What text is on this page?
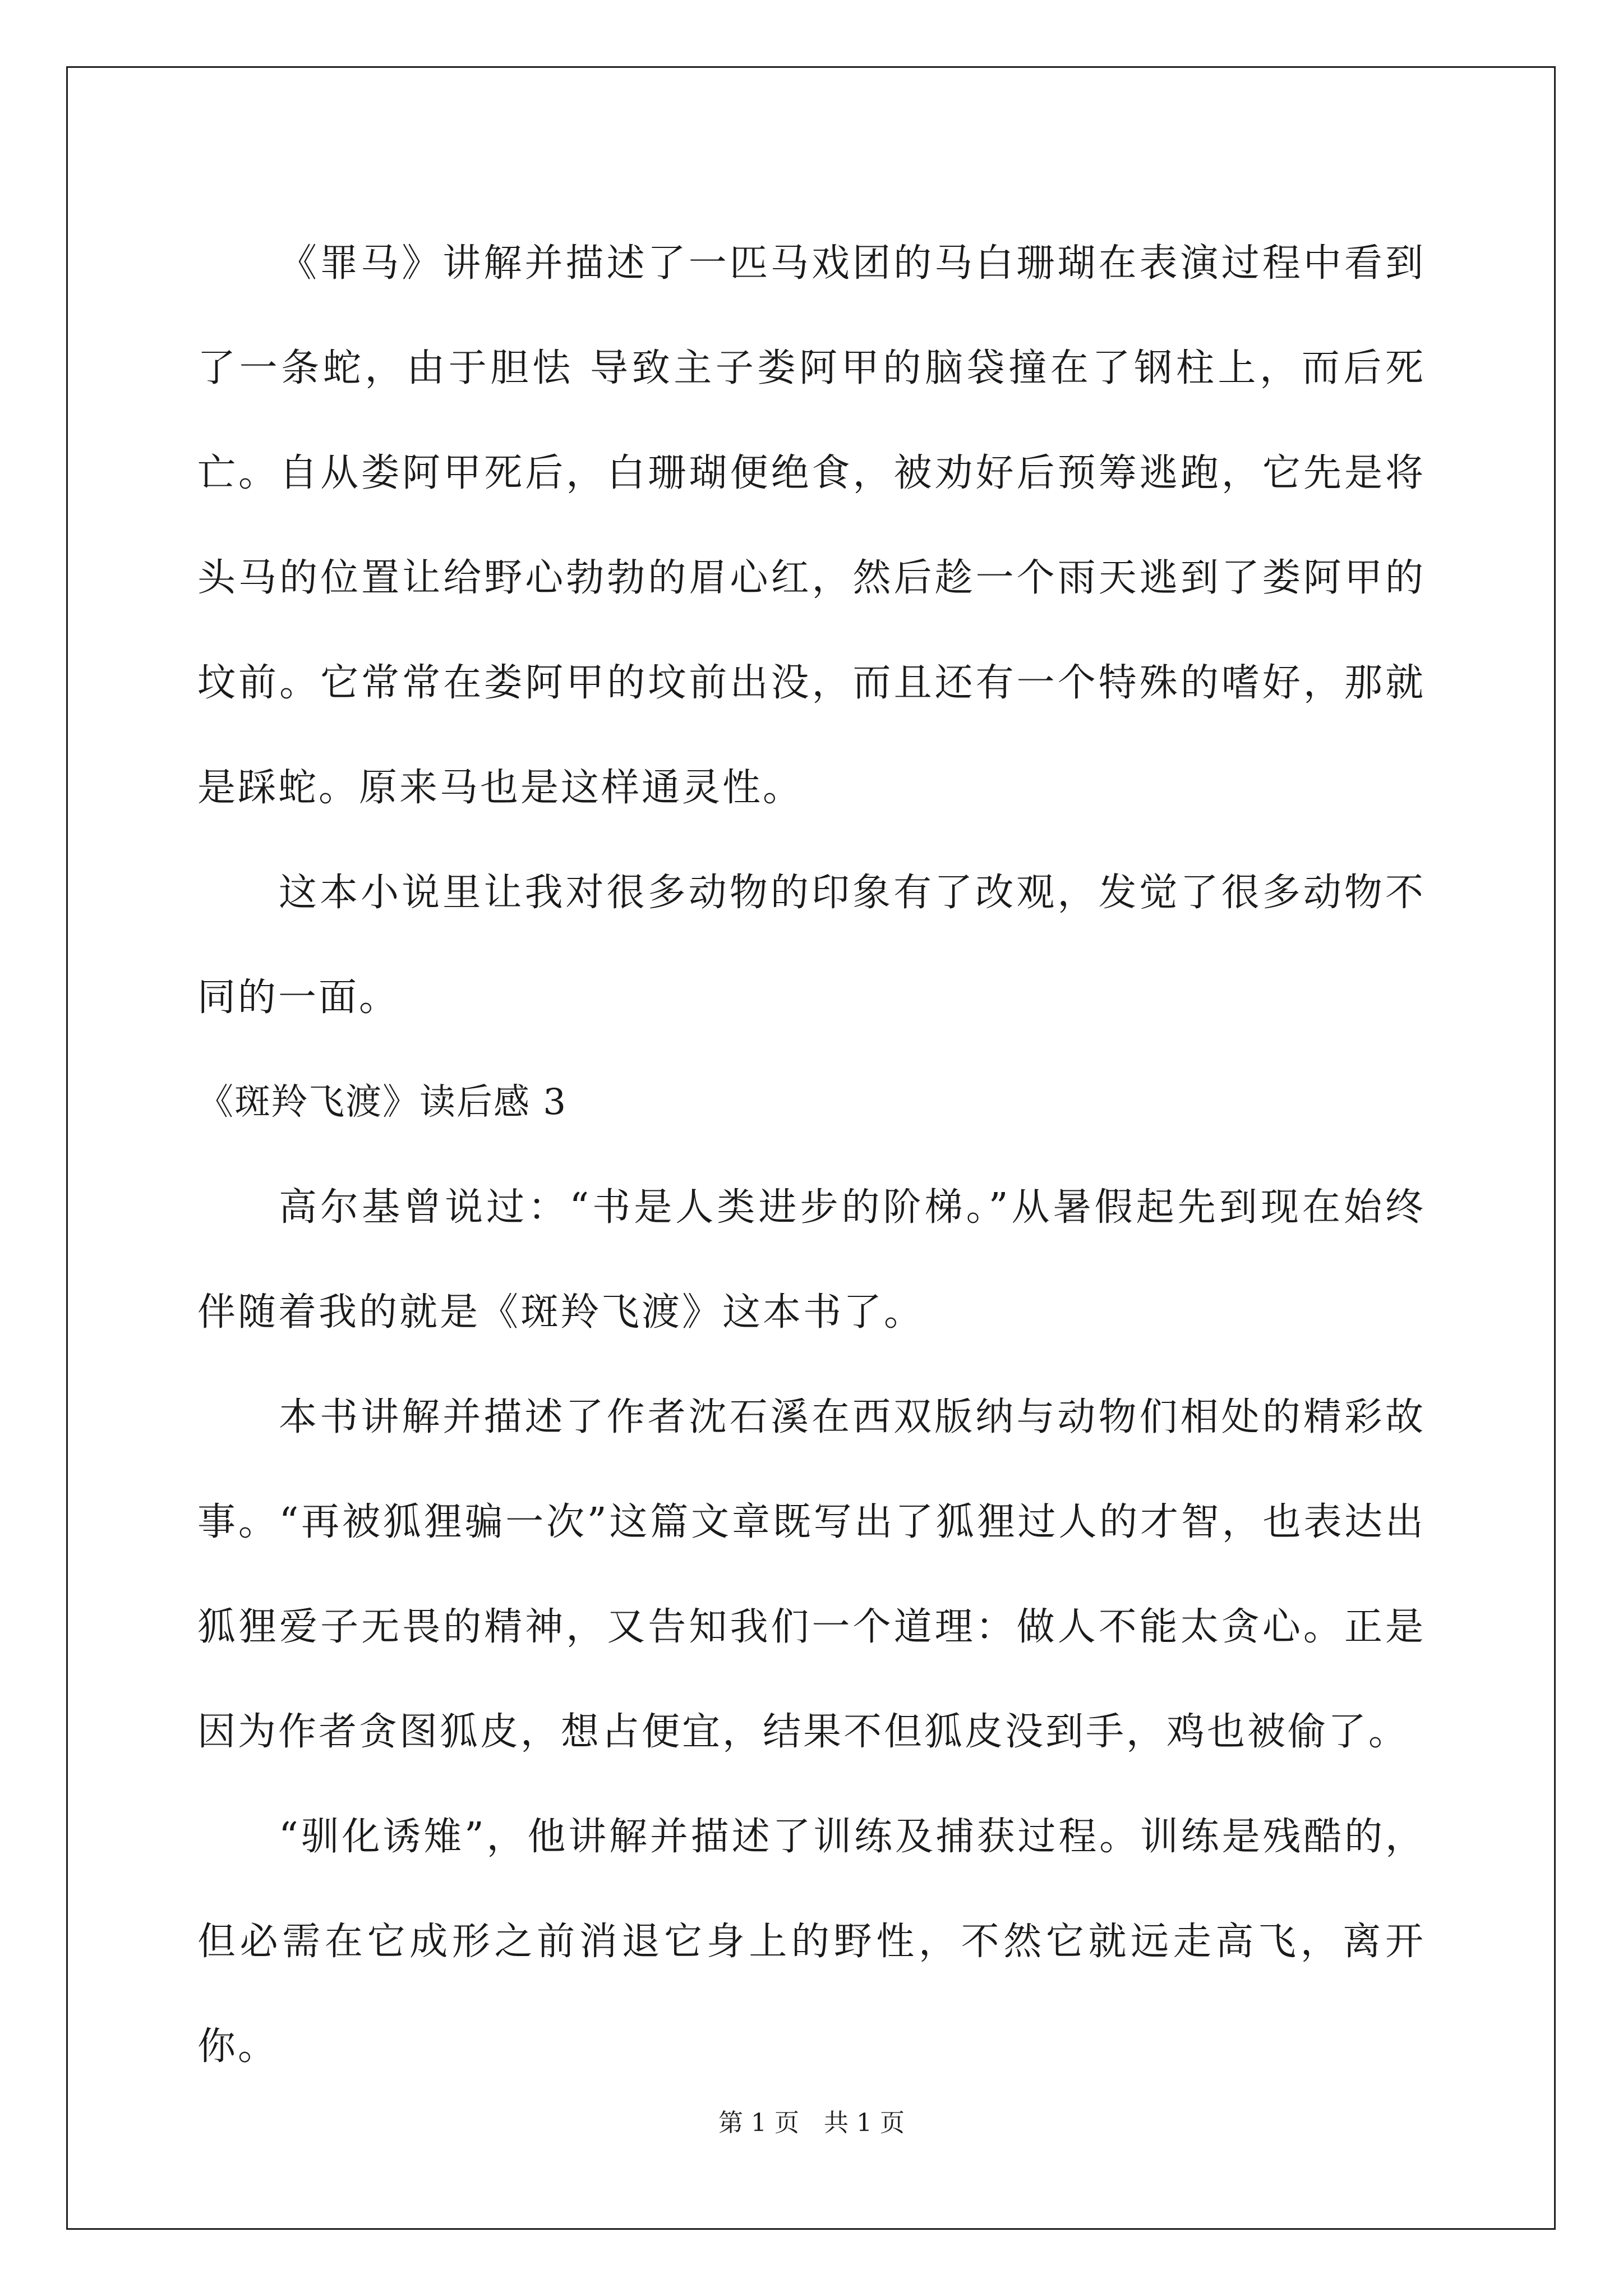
《罪马》讲解并描述了一匹马戏团的马白珊瑚在表演过程中看到了一条蛇，由于胆怯 导致主子娄阿甲的脑袋撞在了钢柱上，而后死亡。自从娄阿甲死后，白珊瑚便绝食，被劝好后预筹逃跑，它先是将头马的位置让给野心勃勃的眉心红，然后趁一个雨天逃到了娄阿甲的坟前。它常常在娄阿甲的坟前出没，而且还有一个特殊的嗜好，那就是踩蛇。原来马也是这样通灵性。

这本小说里让我对很多动物的印象有了改观，发觉了很多动物不同的一面。

《斑羚飞渡》读后感 3

高尔基曾说过：“书是人类进步的阶梯。”从暑假起先到现在始终伴随着我的就是《斑羚飞渡》这本书了。

本书讲解并描述了作者沈石溪在西双版纳与动物们相处的精彩故事。“再被狐狸骗一次”这篇文章既写出了狐狸过人的才智，也表达出狐狸爱子无畏的精神，又告知我们一个道理：做人不能太贪心。正是因为作者贪图狐皮，想占便宜，结果不但狐皮没到手，鸡也被偷了。

“驯化诱雉”，他讲解并描述了训练及捕获过程。训练是残酷的，但必需在它成形之前消退它身上的野性，不然它就远走高飞，离开你。

第 1 页　共 1 页
